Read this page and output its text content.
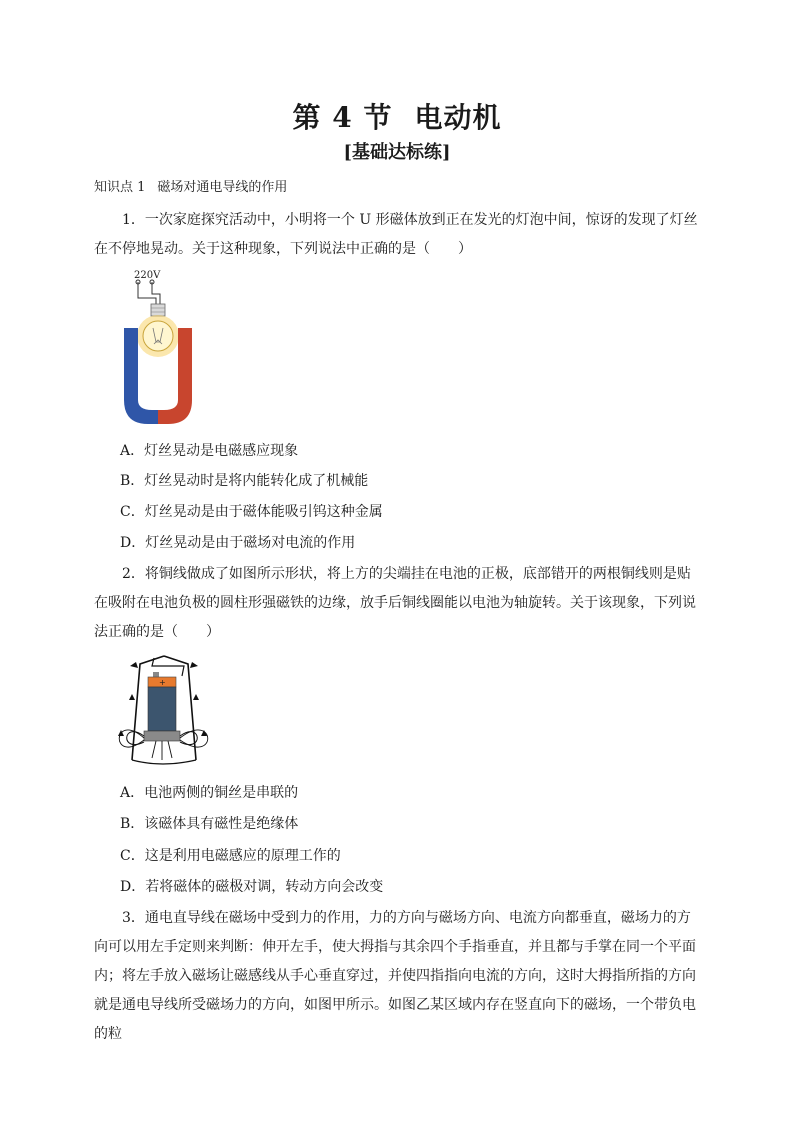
第 4 节 电动机
[基础达标练]
知识点 1 磁场对通电导线的作用
1．一次家庭探究活动中，小明将一个 U 形磁体放到正在发光的灯泡中间，惊讶的发现了灯丝在不停地晃动。关于这种现象，下列说法中正确的是（　　）
220V
A．灯丝晃动是电磁感应现象
B．灯丝晃动时是将内能转化成了机械能
C．灯丝晃动是由于磁体能吸引钨这种金属
D．灯丝晃动是由于磁场对电流的作用
2．将铜线做成了如图所示形状，将上方的尖端挂在电池的正极，底部错开的两根铜线则是贴在吸附在电池负极的圆柱形强磁铁的边缘，放手后铜线圈能以电池为轴旋转。关于该现象，下列说法正确的是（　　）
+
A．电池两侧的铜丝是串联的
B．该磁体具有磁性是绝缘体
C．这是利用电磁感应的原理工作的
D．若将磁体的磁极对调，转动方向会改变
3．通电直导线在磁场中受到力的作用，力的方向与磁场方向、电流方向都垂直，磁场力的方向可以用左手定则来判断：伸开左手，使大拇指与其余四个手指垂直，并且都与手掌在同一个平面内；将左手放入磁场让磁感线从手心垂直穿过，并使四指指向电流的方向，这时大拇指所指的方向就是通电导线所受磁场力的方向，如图甲所示。如图乙某区域内存在竖直向下的磁场，一个带负电的粒
